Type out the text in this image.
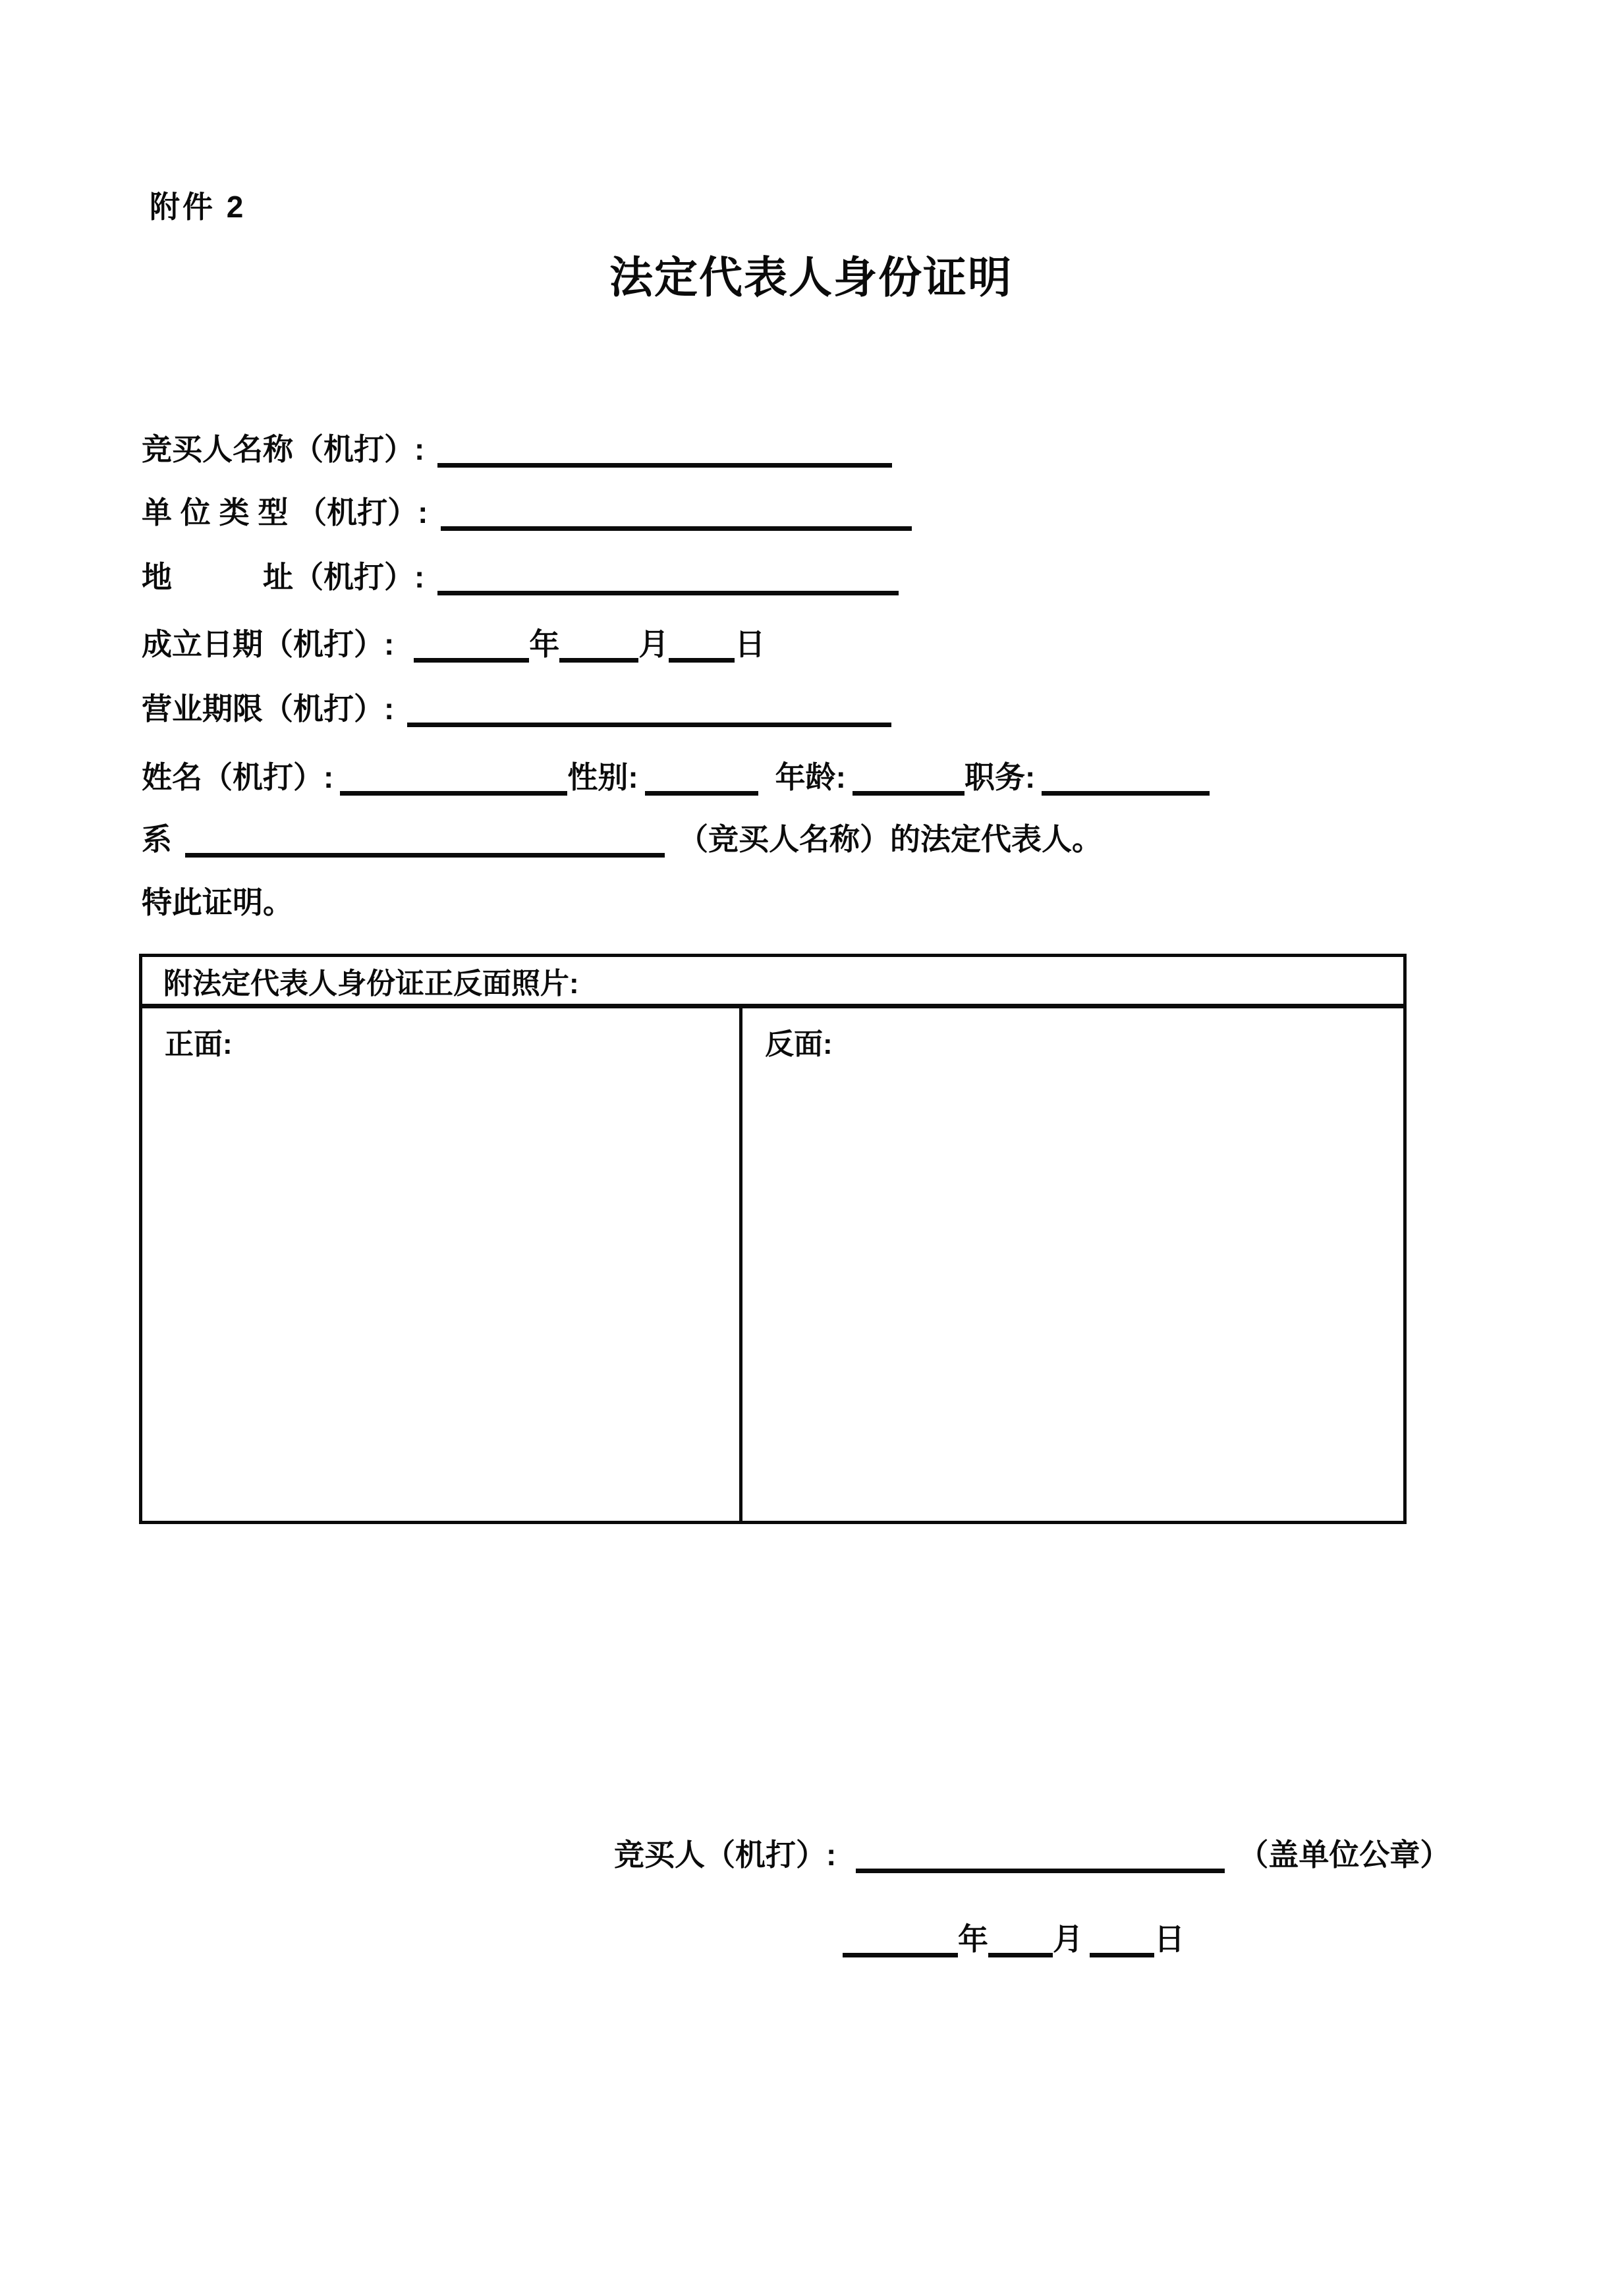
附件 2
法定代表人身份证明
竞买人名称（机打）:
单 位 类 型 （机打）:
地　　　址（机打）:
成立日期（机打）:	年	月 日
营业期限（机打）:
姓名（机打）:	性别:	年龄:	职务:
系	（竞买人名称）的法定代表人。
特此证明。
附法定代表人身份证正反面照片:
正面:	反面:
竞买人（机打）:	（盖单位公章）
年 月 日
